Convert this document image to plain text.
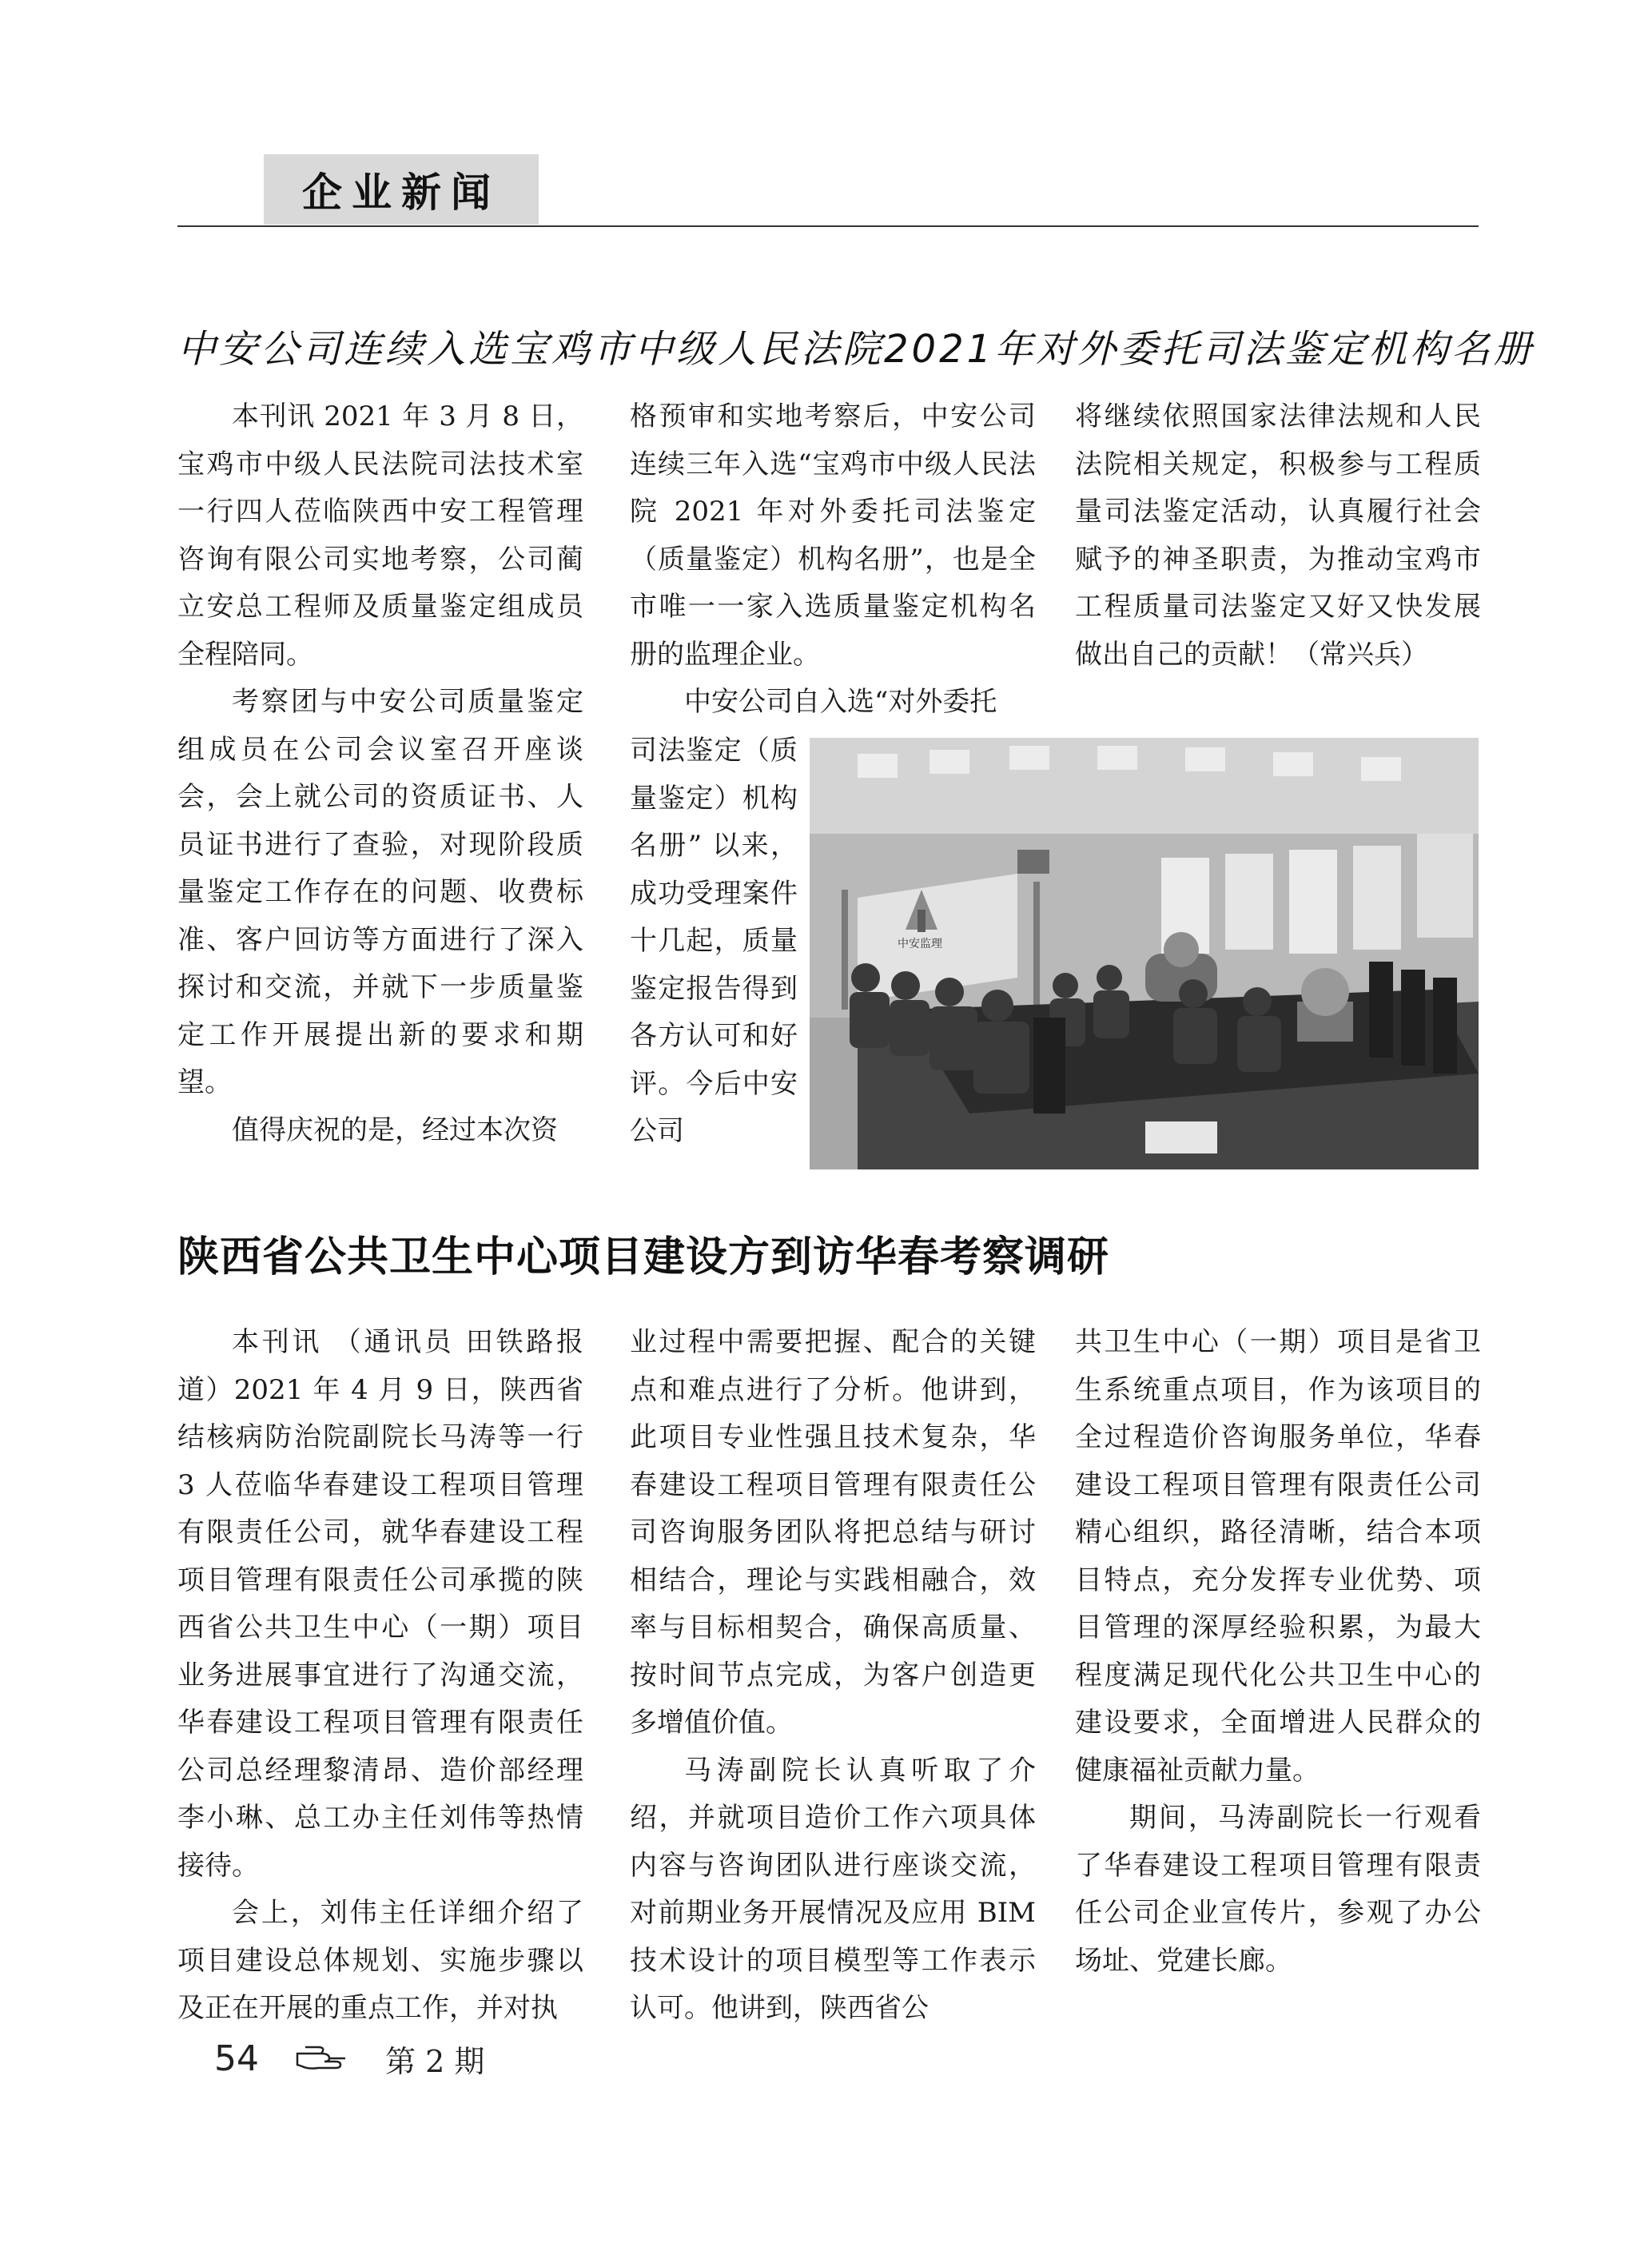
企业新闻
中安公司连续入选宝鸡市中级人民法院2021年对外委托司法鉴定机构名册

本刊讯 2021 年 3 月 8 日，宝鸡市中级人民法院司法技术室一行四人莅临陕西中安工程管理咨询有限公司实地考察，公司蔺立安总工程师及质量鉴定组成员全程陪同。

考察团与中安公司质量鉴定组成员在公司会议室召开座谈会，会上就公司的资质证书、人员证书进行了查验，对现阶段质量鉴定工作存在的问题、收费标准、客户回访等方面进行了深入探讨和交流，并就下一步质量鉴定工作开展提出新的要求和期望。

值得庆祝的是，经过本次资

格预审和实地考察后，中安公司连续三年入选“宝鸡市中级人民法院 2021 年对外委托司法鉴定（质量鉴定）机构名册”，也是全市唯一一家入选质量鉴定机构名册的监理企业。

中安公司自入选“对外委托

司法鉴定（质量鉴定）机构名册” 以来，成功受理案件十几起，质量鉴定报告得到各方认可和好评。今后中安公司

将继续依照国家法律法规和人民法院相关规定，积极参与工程质量司法鉴定活动，认真履行社会赋予的神圣职责，为推动宝鸡市工程质量司法鉴定又好又快发展做出自己的贡献！（常兴兵）

中安监理
陕西省公共卫生中心项目建设方到访华春考察调研

本刊讯 （通讯员 田铁路报道）2021 年 4 月 9 日，陕西省结核病防治院副院长马涛等一行 3 人莅临华春建设工程项目管理有限责任公司，就华春建设工程项目管理有限责任公司承揽的陕西省公共卫生中心（一期）项目业务进展事宜进行了沟通交流，华春建设工程项目管理有限责任公司总经理黎清昂、造价部经理李小琳、总工办主任刘伟等热情接待。

会上，刘伟主任详细介绍了项目建设总体规划、实施步骤以及正在开展的重点工作，并对执

业过程中需要把握、配合的关键点和难点进行了分析。他讲到，此项目专业性强且技术复杂，华春建设工程项目管理有限责任公司咨询服务团队将把总结与研讨相结合，理论与实践相融合，效率与目标相契合，确保高质量、按时间节点完成，为客户创造更多增值价值。

马涛副院长认真听取了介绍，并就项目造价工作六项具体内容与咨询团队进行座谈交流，对前期业务开展情况及应用 BIM 技术设计的项目模型等工作表示认可。他讲到，陕西省公

共卫生中心（一期）项目是省卫生系统重点项目，作为该项目的全过程造价咨询服务单位，华春建设工程项目管理有限责任公司精心组织，路径清晰，结合本项目特点，充分发挥专业优势、项目管理的深厚经验积累，为最大程度满足现代化公共卫生中心的建设要求，全面增进人民群众的健康福祉贡献力量。

期间，马涛副院长一行观看了华春建设工程项目管理有限责任公司企业宣传片，参观了办公场址、党建长廊。

54	第 2 期
